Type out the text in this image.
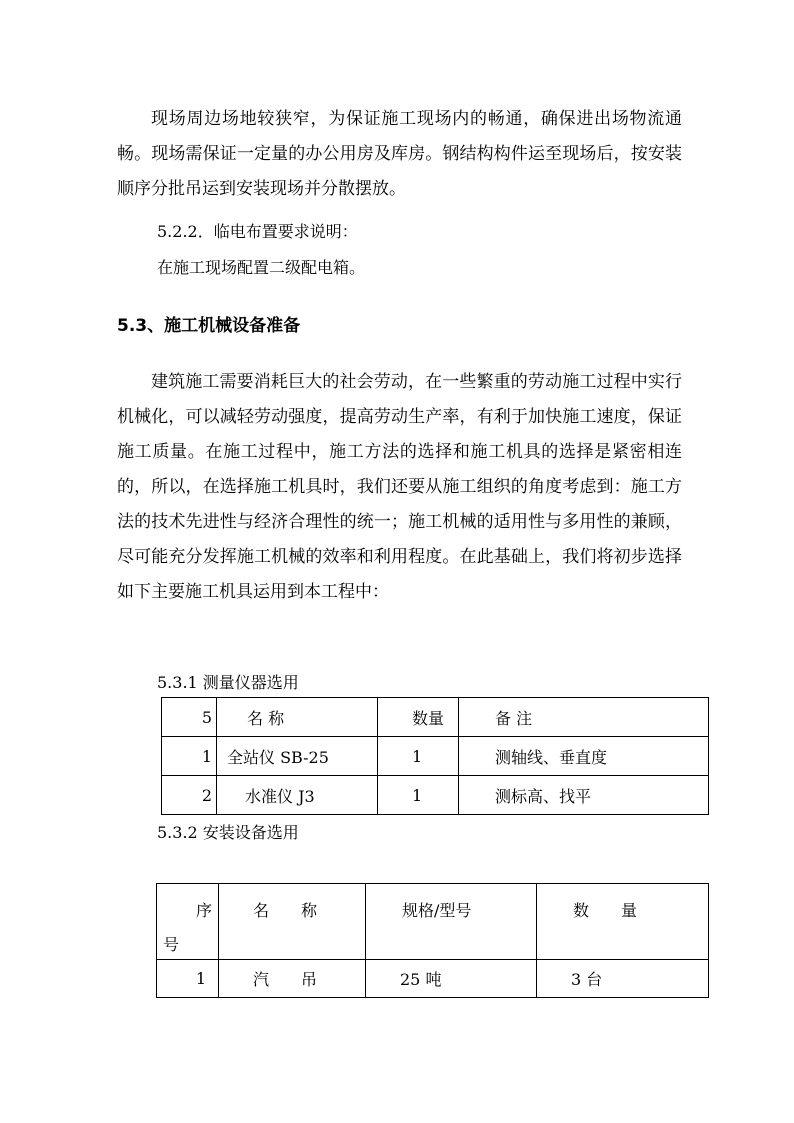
现场周边场地较狭窄，为保证施工现场内的畅通，确保进出场物流通畅。现场需保证一定量的办公用房及库房。钢结构构件运至现场后，按安装顺序分批吊运到安装现场并分散摆放。

5.2.2．临电布置要求说明：
在施工现场配置二级配电箱。
5.3、施工机械设备准备

建筑施工需要消耗巨大的社会劳动，在一些繁重的劳动施工过程中实行机械化，可以减轻劳动强度，提高劳动生产率，有利于加快施工速度，保证施工质量。在施工过程中，施工方法的选择和施工机具的选择是紧密相连的，所以，在选择施工机具时，我们还要从施工组织的角度考虑到：施工方法的技术先进性与经济合理性的统一；施工机械的适用性与多用性的兼顾，尽可能充分发挥施工机械的效率和利用程度。在此基础上，我们将初步选择如下主要施工机具运用到本工程中：

5.3.1 测量仪器选用
5	名 称	数量	备 注
1	全站仪 SB-25	1	测轴线、垂直度
2	水准仪 J3	1	测标高、找平
5.3.2 安装设备选用
序
号	名　　称	规格/型号	数　　量
1	汽　　吊	25 吨	3 台
